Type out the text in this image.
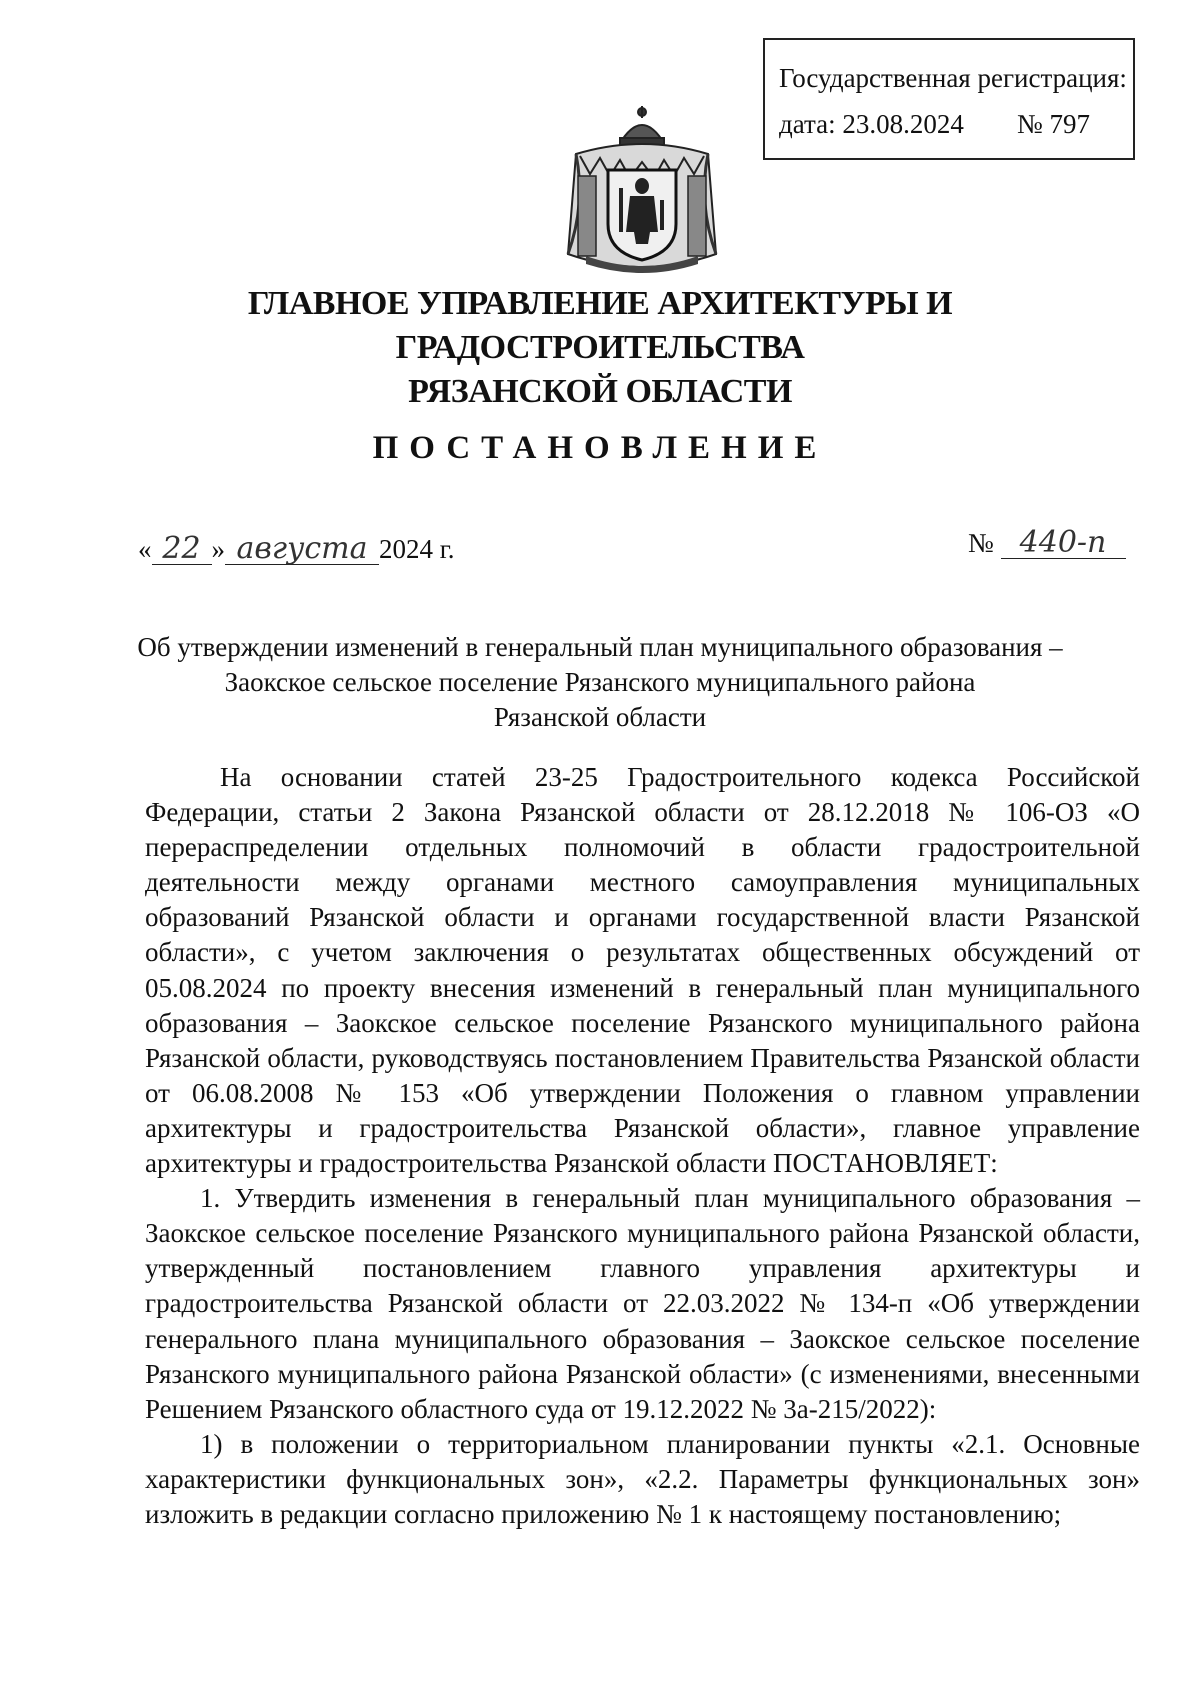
Государственная регистрация:
дата: 23.08.2024 № 797
ГЛАВНОЕ УПРАВЛЕНИЕ АРХИТЕКТУРЫ И ГРАДОСТРОИТЕЛЬСТВА
РЯЗАНСКОЙ ОБЛАСТИ
ПОСТАНОВЛЕНИЕ
« 22 » августа 2024 г.	№ 440-п
Об утверждении изменений в генеральный план муниципального образования –
Заокское сельское поселение Рязанского муниципального района
Рязанской области

На основании статей 23-25 Градостроительного кодекса Российской Федерации, статьи 2 Закона Рязанской области от 28.12.2018 № 106-ОЗ «О перераспределении отдельных полномочий в области градостроительной деятельности между органами местного самоуправления муниципальных образований Рязанской области и органами государственной власти Рязанской области», с учетом заключения о результатах общественных обсуждений от 05.08.2024 по проекту внесения изменений в генеральный план муниципального образования – Заокское сельское поселение Рязанского муниципального района Рязанской области, руководствуясь постановлением Правительства Рязанской области от 06.08.2008 № 153 «Об утверждении Положения о главном управлении архитектуры и градостроительства Рязанской области», главное управление архитектуры и градостроительства Рязанской области ПОСТАНОВЛЯЕТ:

1. Утвердить изменения в генеральный план муниципального образования – Заокское сельское поселение Рязанского муниципального района Рязанской области, утвержденный постановлением главного управления архитектуры и градостроительства Рязанской области от 22.03.2022 № 134-п «Об утверждении генерального плана муниципального образования – Заокское сельское поселение Рязанского муниципального района Рязанской области» (с изменениями, внесенными Решением Рязанского областного суда от 19.12.2022 № 3а-215/2022):

1) в положении о территориальном планировании пункты «2.1. Основные характеристики функциональных зон», «2.2. Параметры функциональных зон» изложить в редакции согласно приложению № 1 к настоящему постановлению;
